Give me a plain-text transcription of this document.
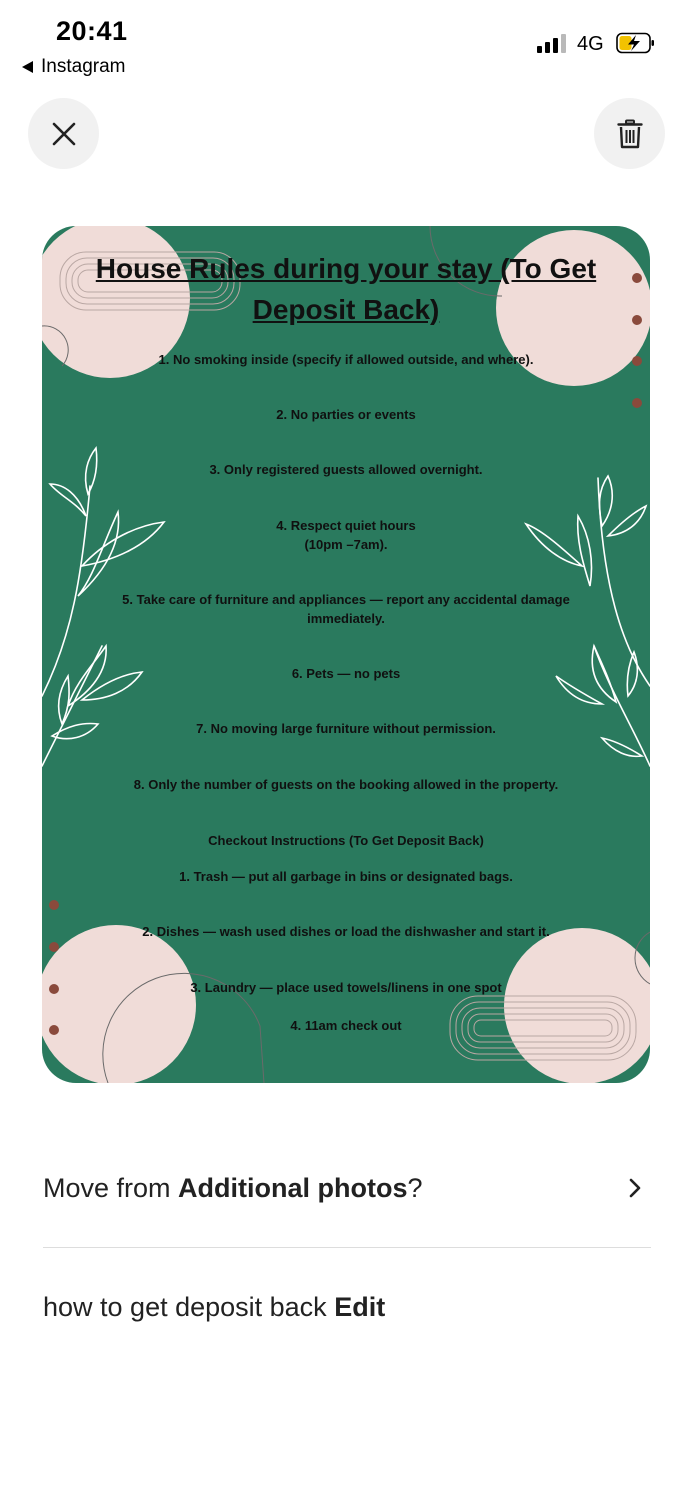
20:41
Instagram
4G
House Rules during your stay (To Get Deposit Back)
1. No smoking inside (specify if allowed outside, and where).
2. No parties or events
3. Only registered guests allowed overnight.
4. Respect quiet hours
(10pm –7am).
5. Take care of furniture and appliances — report any accidental damage immediately.
6. Pets — no pets
7. No moving large furniture without permission.
8. Only the number of guests on the booking allowed in the property.
Checkout Instructions (To Get Deposit Back)
1. Trash — put all garbage in bins or designated bags.
2. Dishes — wash used dishes or load the dishwasher and start it.
3. Laundry — place used towels/linens in one spot
4. 11am check out
Move from Additional photos?
how to get deposit back Edit
